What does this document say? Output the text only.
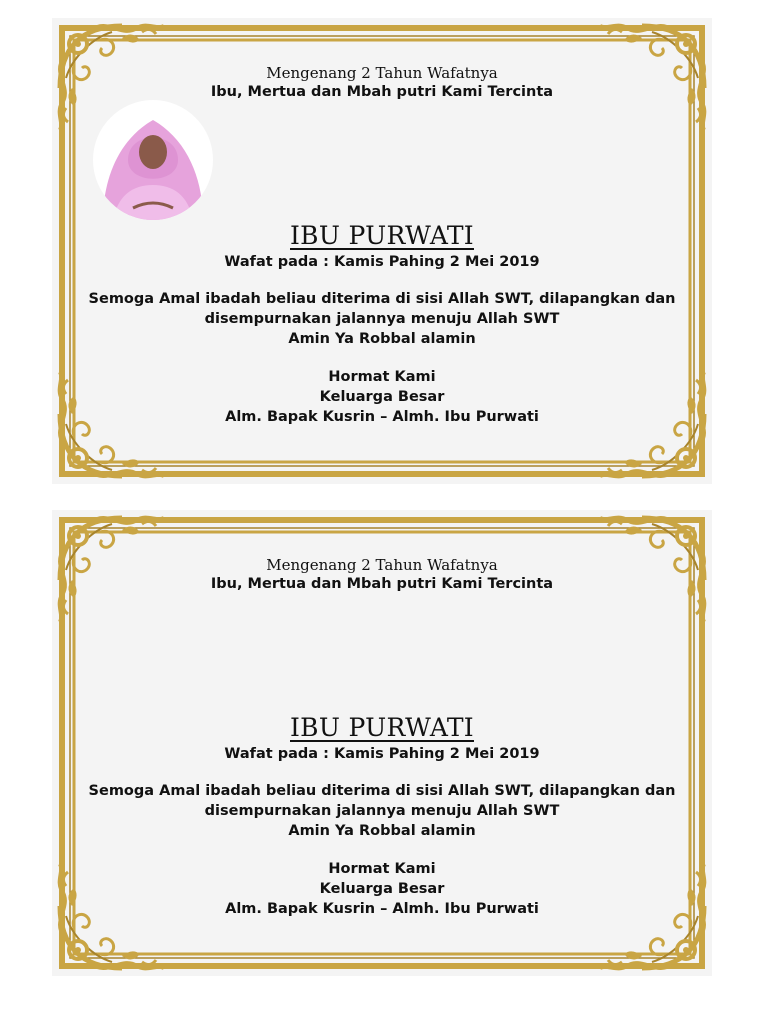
Mengenang 2 Tahun Wafatnya
Ibu, Mertua dan Mbah putri Kami Tercinta
IBU PURWATI
Wafat pada : Kamis Pahing 2 Mei 2019
Semoga Amal ibadah beliau diterima di sisi Allah SWT, dilapangkan dan
disempurnakan jalannya menuju Allah SWT
Amin Ya Robbal alamin
Hormat Kami
Keluarga Besar
Alm. Bapak Kusrin – Almh. Ibu Purwati
Mengenang 2 Tahun Wafatnya
Ibu, Mertua dan Mbah putri Kami Tercinta
IBU PURWATI
Wafat pada : Kamis Pahing 2 Mei 2019
Semoga Amal ibadah beliau diterima di sisi Allah SWT, dilapangkan dan
disempurnakan jalannya menuju Allah SWT
Amin Ya Robbal alamin
Hormat Kami
Keluarga Besar
Alm. Bapak Kusrin – Almh. Ibu Purwati
